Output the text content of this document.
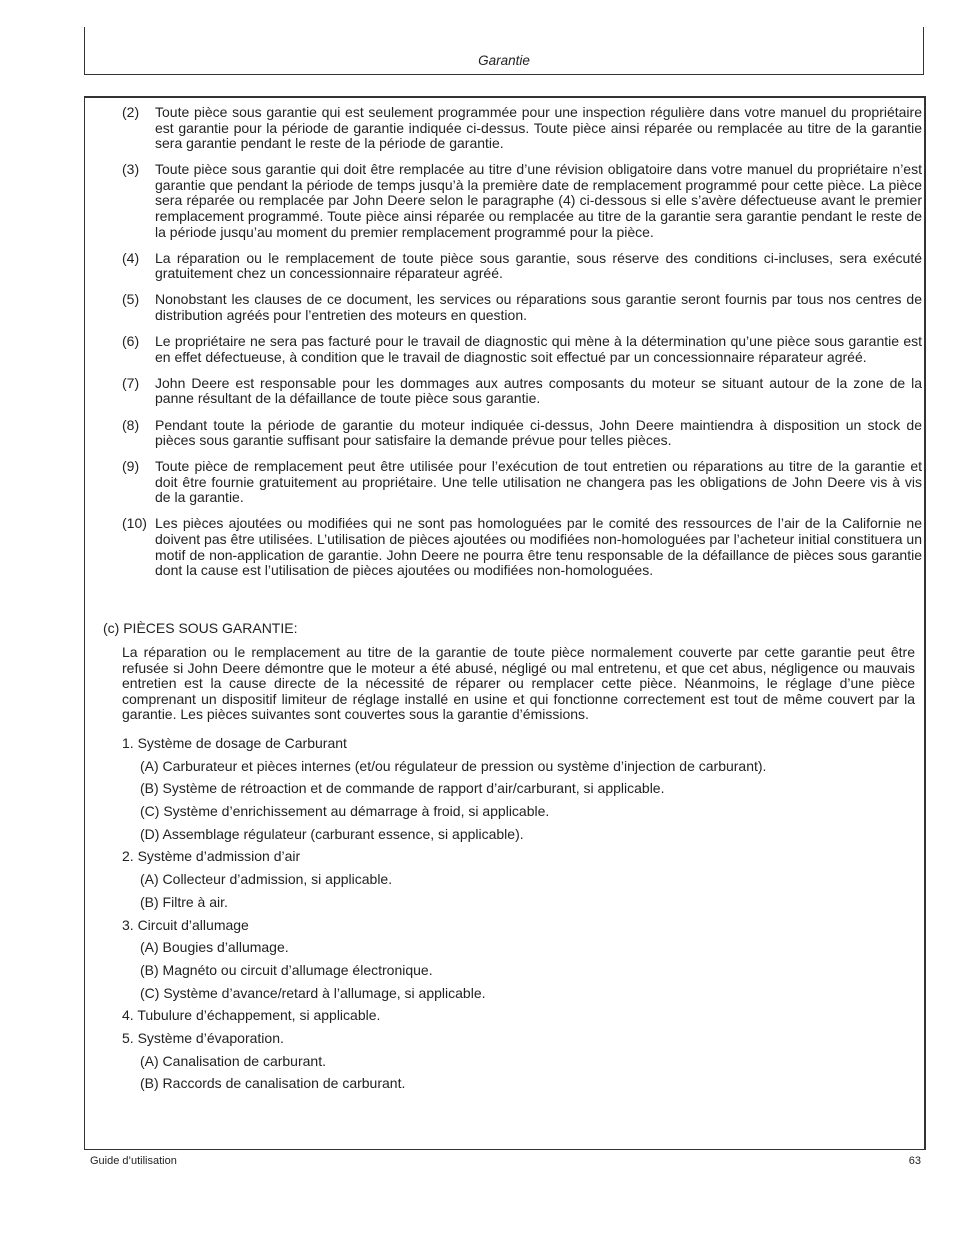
Garantie
(2)	Toute pièce sous garantie qui est seulement programmée pour une inspection régulière dans votre manuel du propriétaire est garantie pour la période de garantie indiquée ci-dessus. Toute pièce ainsi réparée ou remplacée au titre de la garantie sera garantie pendant le reste de la période de garantie.
(3)	Toute pièce sous garantie qui doit être remplacée au titre d’une révision obligatoire dans votre manuel du propriétaire n’est garantie que pendant la période de temps jusqu’à la première date de remplacement programmé pour cette pièce. La pièce sera réparée ou remplacée par John Deere selon le paragraphe (4) ci-dessous si elle s’avère défectueuse avant le premier remplacement programmé. Toute pièce ainsi réparée ou remplacée au titre de la garantie sera garantie pendant le reste de la période jusqu’au moment du premier remplacement programmé pour la pièce.
(4)	La réparation ou le remplacement de toute pièce sous garantie, sous réserve des conditions ci-incluses, sera exécuté gratuitement chez un concessionnaire réparateur agréé.
(5)	Nonobstant les clauses de ce document, les services ou réparations sous garantie seront fournis par tous nos centres de distribution agréés pour l’entretien des moteurs en question.
(6)	Le propriétaire ne sera pas facturé pour le travail de diagnostic qui mène à la détermination qu’une pièce sous garantie est en effet défectueuse, à condition que le travail de diagnostic soit effectué par un concessionnaire réparateur agréé.
(7)	John Deere est responsable pour les dommages aux autres composants du moteur se situant autour de la zone de la panne résultant de la défaillance de toute pièce sous garantie.
(8)	Pendant toute la période de garantie du moteur indiquée ci-dessus, John Deere maintiendra à disposition un stock de pièces sous garantie suffisant pour satisfaire la demande prévue pour telles pièces.
(9)	Toute pièce de remplacement peut être utilisée pour l’exécution de tout entretien ou réparations au titre de la garantie et doit être fournie gratuitement au propriétaire. Une telle utilisation ne changera pas les obligations de John Deere vis à vis de la garantie.
(10) Les pièces ajoutées ou modifiées qui ne sont pas homologuées par le comité des ressources de l’air de la Californie ne doivent pas être utilisées. L’utilisation de pièces ajoutées ou modifiées non-homologuées par l’acheteur initial constituera un motif de non-application de garantie. John Deere ne pourra être tenu responsable de la défaillance de pièces sous garantie dont la cause est l’utilisation de pièces ajoutées ou modifiées non-homologuées.
(c) PIÈCES SOUS GARANTIE:
La réparation ou le remplacement au titre de la garantie de toute pièce normalement couverte par cette garantie peut être refusée si John Deere démontre que le moteur a été abusé, négligé ou mal entretenu, et que cet abus, négligence ou mauvais entretien est la cause directe de la nécessité de réparer ou remplacer cette pièce. Néanmoins, le réglage d’une pièce comprenant un dispositif limiteur de réglage installé en usine et qui fonctionne correctement est tout de même couvert par la garantie. Les pièces suivantes sont couvertes sous la garantie d’émissions.
1. Système de dosage de Carburant
(A) Carburateur et pièces internes (et/ou régulateur de pression ou système d’injection de carburant).
(B) Système de rétroaction et de commande de rapport d’air/carburant, si applicable.
(C) Système d’enrichissement au démarrage à froid, si applicable.
(D) Assemblage régulateur (carburant essence, si applicable).
2. Système d’admission d’air
(A) Collecteur d’admission, si applicable.
(B) Filtre à air.
3. Circuit d’allumage
(A) Bougies d’allumage.
(B) Magnéto ou circuit d’allumage électronique.
(C) Système d’avance/retard à l’allumage, si applicable.
4. Tubulure d’échappement, si applicable.
5. Système d’évaporation.
(A) Canalisation de carburant.
(B) Raccords de canalisation de carburant.
Guide d’utilisation	63
